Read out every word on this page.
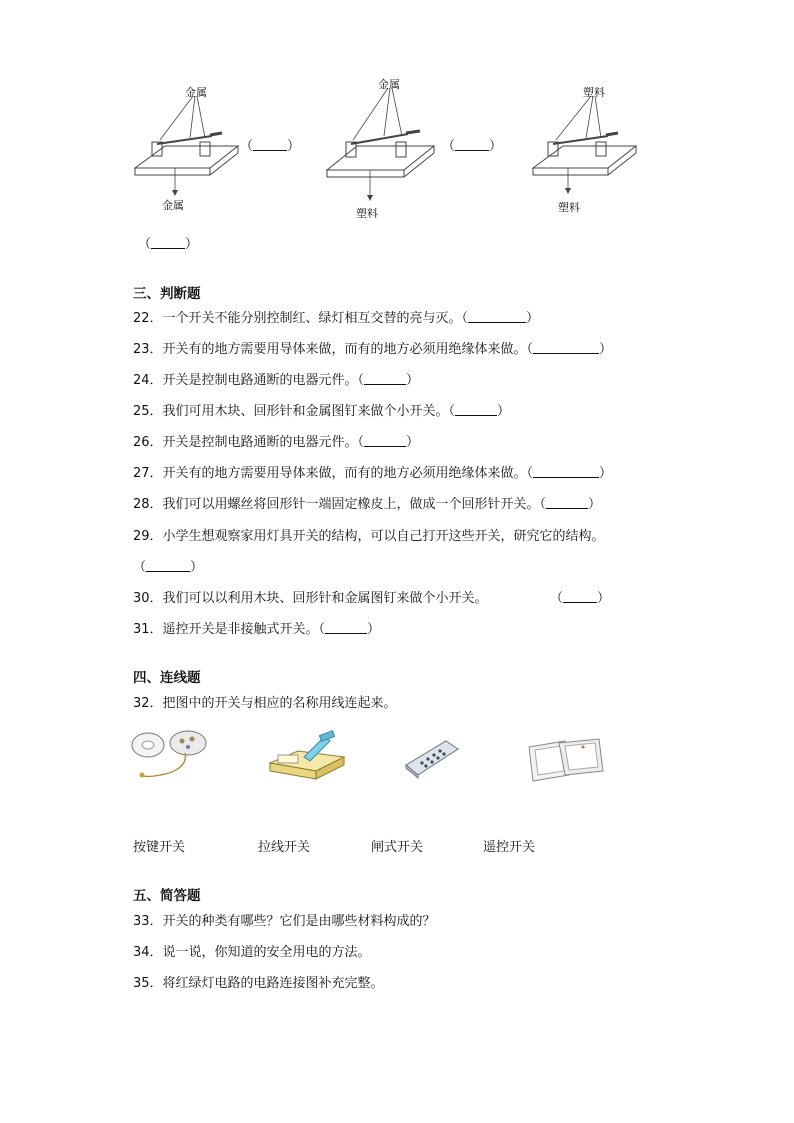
金属
金属
（	）
金属
塑料
（	）
塑料
塑料
（	）
三、判断题
22．一个开关不能分别控制红、绿灯相互交替的亮与灭。（	）
23．开关有的地方需要用导体来做，而有的地方必须用绝缘体来做。（	）
24．开关是控制电路通断的电器元件。（	）
25．我们可用木块、回形针和金属图钉来做个小开关。（	）
26．开关是控制电路通断的电器元件。（	）
27．开关有的地方需要用导体来做，而有的地方必须用绝缘体来做。（	）
28．我们可以用螺丝将回形针一端固定橡皮上，做成一个回形针开关。（	）
29．小学生想观察家用灯具开关的结构，可以自己打开这些开关，研究它的结构。
（	）
30．我们可以以利用木块、回形针和金属图钉来做个小开关。	（	）
31．遥控开关是非接触式开关。（	）
四、连线题
32．把图中的开关与相应的名称用线连起来。
按键开关	拉线开关	闸式开关	遥控开关
五、简答题
33．开关的种类有哪些？它们是由哪些材料构成的？
34．说一说，你知道的安全用电的方法。
35．将红绿灯电路的电路连接图补充完整。
